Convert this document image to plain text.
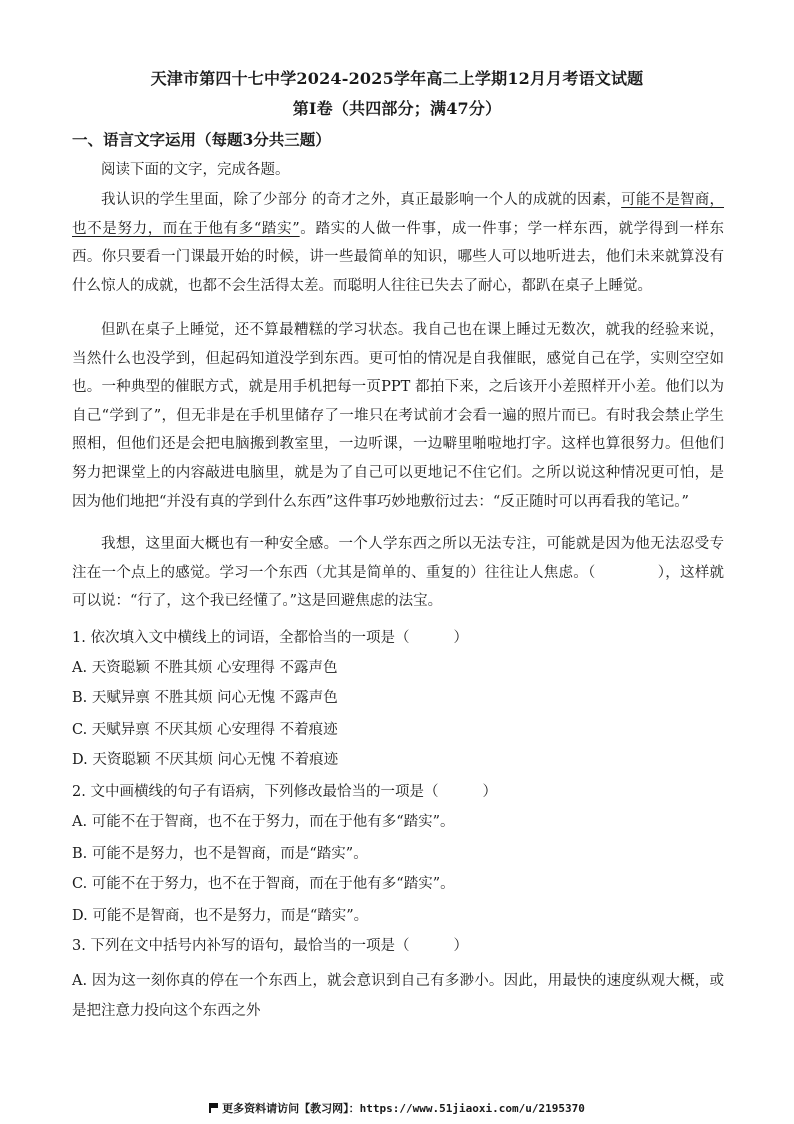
天津市第四十七中学2024-2025学年高二上学期12月月考语文试题
第Ⅰ卷（共四部分；满47分）
一、语言文字运用（每题3分共三题）

阅读下面的文字，完成各题。

我认识的学生里面，除了少部分 的奇才之外，真正最影响一个人的成就的因素，可能不是智商，也不是努力，而在于他有多“踏实”。踏实的人做一件事，成一件事；学一样东西，就学得到一样东西。你只要看一门课最开始的时候，讲一些最简单的知识，哪些人可以地听进去，他们未来就算没有什么惊人的成就，也都不会生活得太差。而聪明人往往已失去了耐心，都趴在桌子上睡觉。

但趴在桌子上睡觉，还不算最糟糕的学习状态。我自己也在课上睡过无数次，就我的经验来说，当然什么也没学到，但起码知道没学到东西。更可怕的情况是自我催眠，感觉自己在学，实则空空如也。一种典型的催眠方式，就是用手机把每一页PPT 都拍下来，之后该开小差照样开小差。他们以为自己“学到了”，但无非是在手机里储存了一堆只在考试前才会看一遍的照片而已。有时我会禁止学生照相，但他们还是会把电脑搬到教室里，一边听课，一边噼里啪啦地打字。这样也算很努力。但他们努力把课堂上的内容敲进电脑里，就是为了自己可以更地记不住它们。之所以说这种情况更可怕，是因为他们地把“并没有真的学到什么东西”这件事巧妙地敷衍过去：“反正随时可以再看我的笔记。”

我想，这里面大概也有一种安全感。一个人学东西之所以无法专注，可能就是因为他无法忍受专注在一个点上的感觉。学习一个东西（尤其是简单的、重复的）往往让人焦虑。（	），这样就可以说：“行了，这个我已经懂了。”这是回避焦虑的法宝。

1. 依次填入文中横线上的词语，全都恰当的一项是（	）
A. 天资聪颖 不胜其烦 心安理得 不露声色
B. 天赋异禀 不胜其烦 问心无愧 不露声色
C. 天赋异禀 不厌其烦 心安理得 不着痕迹
D. 天资聪颖 不厌其烦 问心无愧 不着痕迹
2. 文中画横线的句子有语病，下列修改最恰当的一项是（	）
A. 可能不在于智商，也不在于努力，而在于他有多“踏实”。
B. 可能不是努力，也不是智商，而是“踏实”。
C. 可能不在于努力，也不在于智商，而在于他有多“踏实”。
D. 可能不是智商，也不是努力，而是“踏实”。
3. 下列在文中括号内补写的语句，最恰当的一项是（	）

A. 因为这一刻你真的停在一个东西上，就会意识到自己有多渺小。因此，用最快的速度纵观大概，或是把注意力投向这个东西之外

更多资料请访问【教习网】：https://www.51jiaoxi.com/u/2195370
